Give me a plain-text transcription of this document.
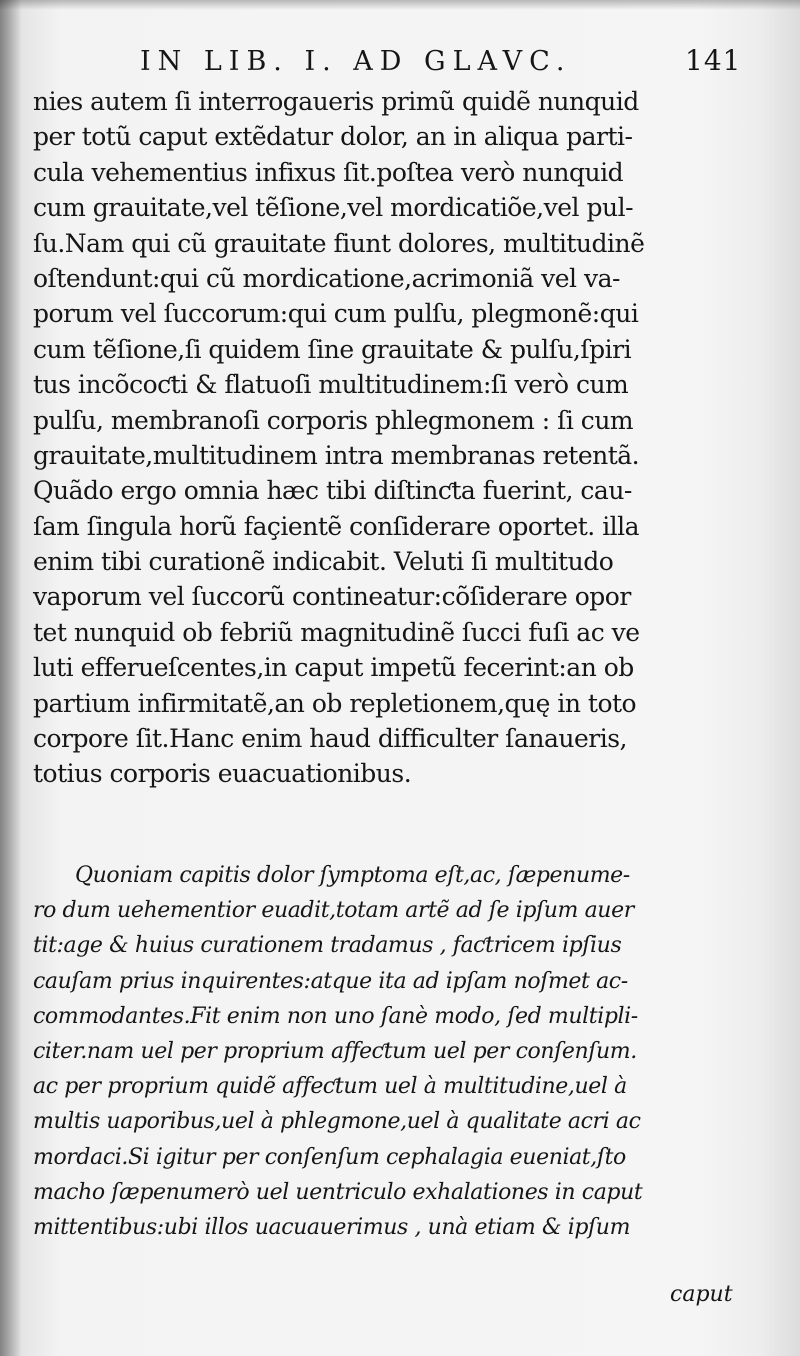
IN LIB. I. AD GLAVC.	141
nies autem ſi interrogaueris primũ quidẽ nunquid
per totũ caput extẽdatur dolor, an in aliqua parti-
cula vehementius infixus ſit.poſtea verò nunquid
cum grauitate,vel tẽſione,vel mordicatiõe,vel pul-
ſu.Nam qui cũ grauitate fiunt dolores, multitudinẽ
oſtendunt:qui cũ mordicatione,acrimoniã vel va-
porum vel ſuccorum:qui cum pulſu, plegmonẽ:qui
cum tẽſione,ſi quidem ſine grauitate & pulſu,ſpiri
tus incõcoƈti & flatuoſi multitudinem:ſi verò cum
pulſu, membranoſi corporis phlegmonem : ſi cum
grauitate,multitudinem intra membranas retentã.
Quãdo ergo omnia hæc tibi diſtinƈta fuerint, cau-
ſam ſingula horũ façientẽ conſiderare oportet. illa
enim tibi curationẽ indicabit. Veluti ſi multitudo
vaporum vel ſuccorũ contineatur:cõſiderare opor
tet nunquid ob febriũ magnitudinẽ ſucci fuſi ac ve
luti efferueſcentes,in caput impetũ fecerint:an ob
partium infirmitatẽ,an ob repletionem,quę in toto
corpore ſit.Hanc enim haud difficulter ſanaueris,
totius corporis euacuationibus.
Quoniam capitis dolor ſymptoma eſt,ac, ſæpenume-
ro dum uehementior euadit,totam artẽ ad ſe ipſum auer
tit:age & huius curationem tradamus , faƈtricem ipſius
cauſam prius inquirentes:atque ita ad ipſam noſmet ac-
commodantes.Fit enim non uno ſanè modo, ſed multipli-
citer.nam uel per proprium affeƈtum uel per conſenſum.
ac per proprium quidẽ affeƈtum uel à multitudine,uel à
multis uaporibus,uel à phlegmone,uel à qualitate acri ac
mordaci.Si igitur per conſenſum cephalagia eueniat,ſto
macho ſæpenumerò uel uentriculo exhalationes in caput
mittentibus:ubi illos uacuauerimus , unà etiam & ipſum
caput
